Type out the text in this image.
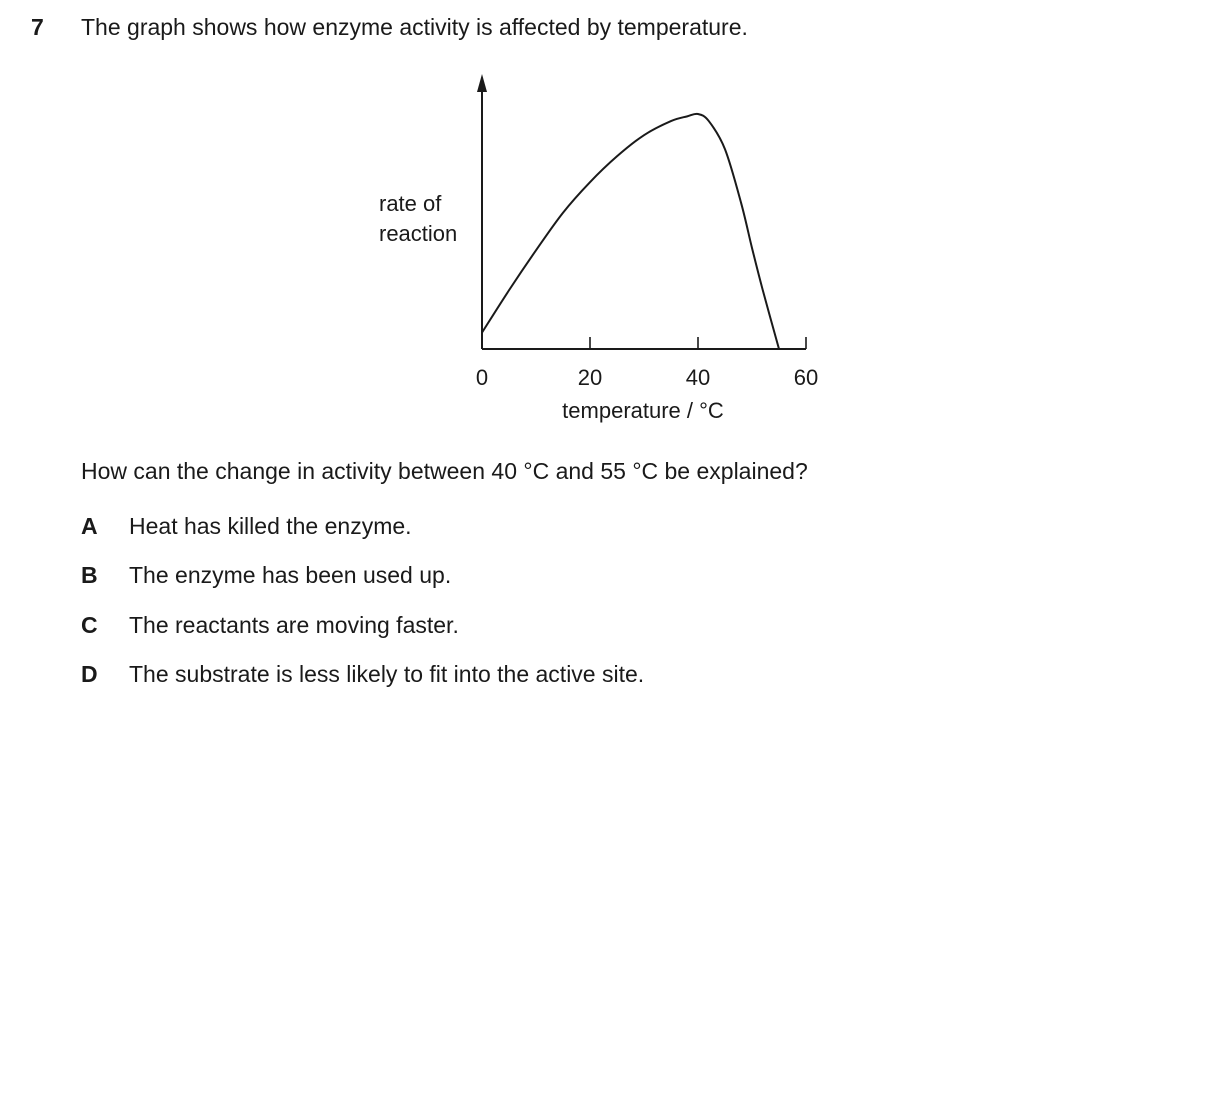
7 The graph shows how enzyme activity is affected by temperature.
0	20	40	60
rate of
reaction
temperature / °C
How can the change in activity between 40 °C and 55 °C be explained?
A Heat has killed the enzyme.
B The enzyme has been used up.
C The reactants are moving faster.
D The substrate is less likely to fit into the active site.
